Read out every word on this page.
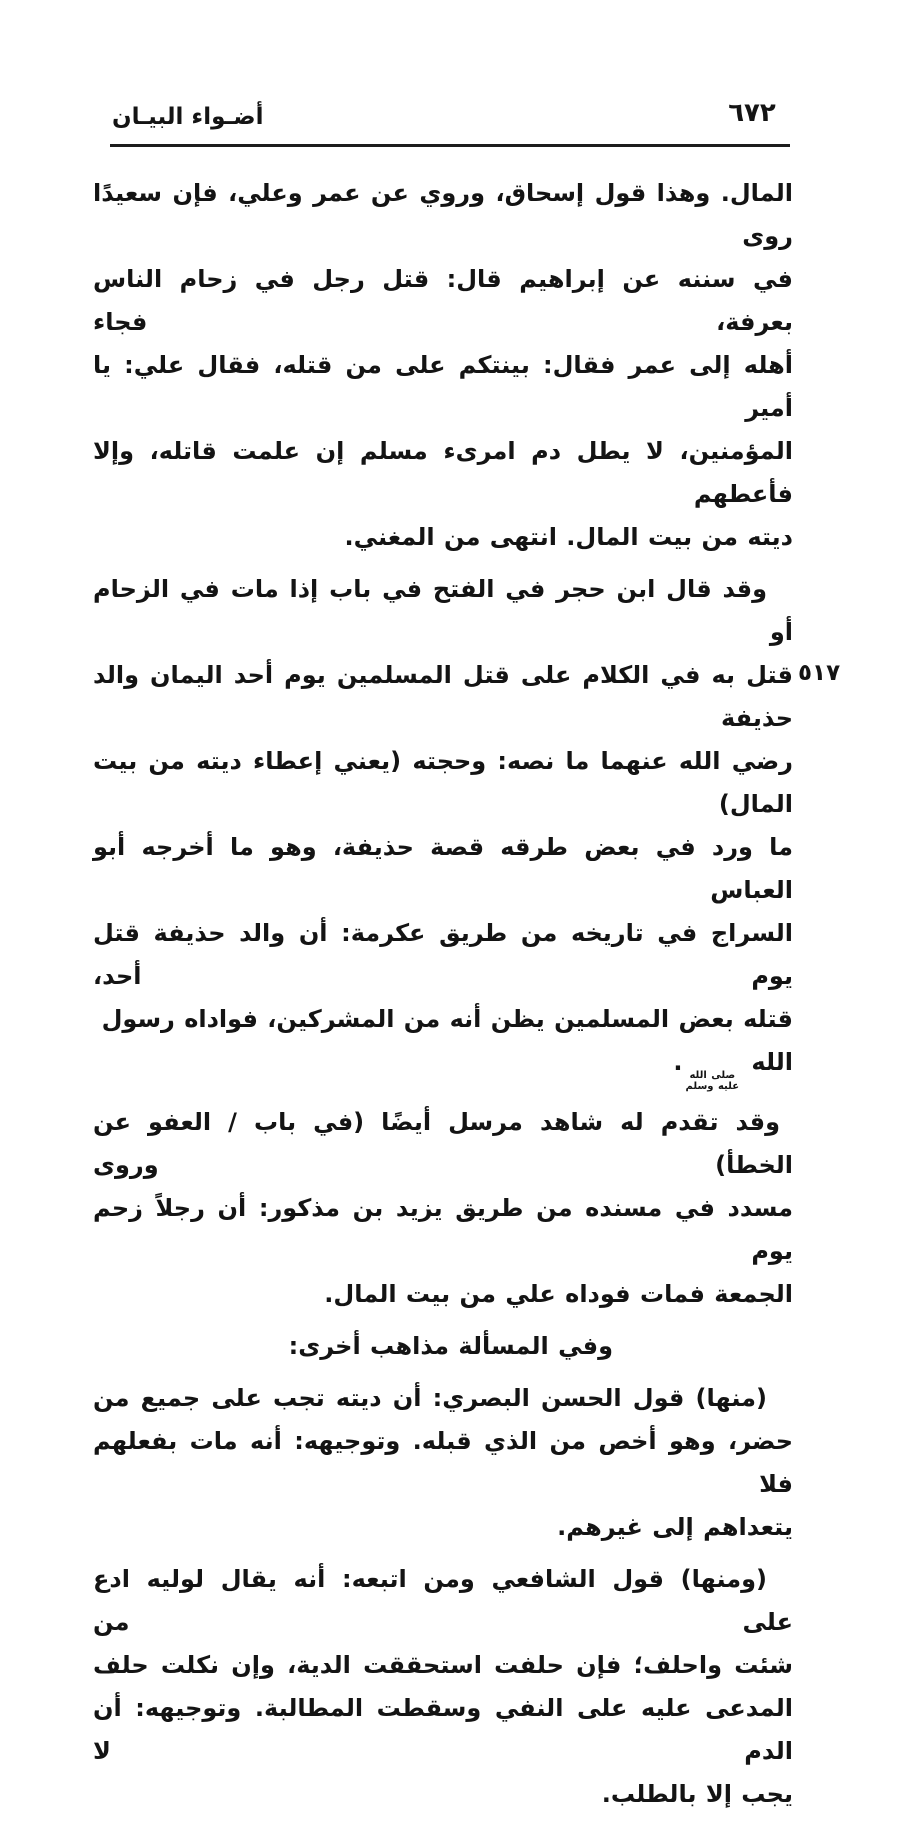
أضـواء البيـان	٦٧٢
٥١٧
المال. وهذا قول إسحاق، وروي عن عمر وعلي، فإن سعيدًا روى
في سننه عن إبراهيم قال: قتل رجل في زحام الناس بعرفة، فجاء
أهله إلى عمر فقال: بينتكم على من قتله، فقال علي: يا أمير
المؤمنين، لا يطل دم امرىء مسلم إن علمت قاتله، وإلا فأعطهم
ديته من بيت المال. انتهى من المغني.
وقد قال ابن حجر في الفتح في باب إذا مات في الزحام أو
قتل به في الكلام على قتل المسلمين يوم أحد اليمان والد حذيفة
رضي الله عنهما ما نصه: وحجته (يعني إعطاء ديته من بيت المال)
ما ورد في بعض طرقه قصة حذيفة، وهو ما أخرجه أبو العباس
السراج في تاريخه من طريق عكرمة: أن والد حذيفة قتل يوم أحد،
قتله بعض المسلمين يظن أنه من المشركين، فواداه رسول الله
صلى الله
عليه وسلم
.
وقد تقدم له شاهد مرسل أيضًا (في باب / العفو عن الخطأ) وروى
مسدد في مسنده من طريق يزيد بن مذكور: أن رجلاً زحم يوم
الجمعة فمات فوداه علي من بيت المال.
وفي المسألة مذاهب أخرى:
(منها) قول الحسن البصري: أن ديته تجب على جميع من
حضر، وهو أخص من الذي قبله. وتوجيهه: أنه مات بفعلهم فلا
يتعداهم إلى غيرهم.
(ومنها) قول الشافعي ومن اتبعه: أنه يقال لوليه ادع على من
شئت واحلف؛ فإن حلفت استحققت الدية، وإن نكلت حلف
المدعى عليه على النفي وسقطت المطالبة. وتوجيهه: أن الدم لا
يجب إلا بالطلب.
